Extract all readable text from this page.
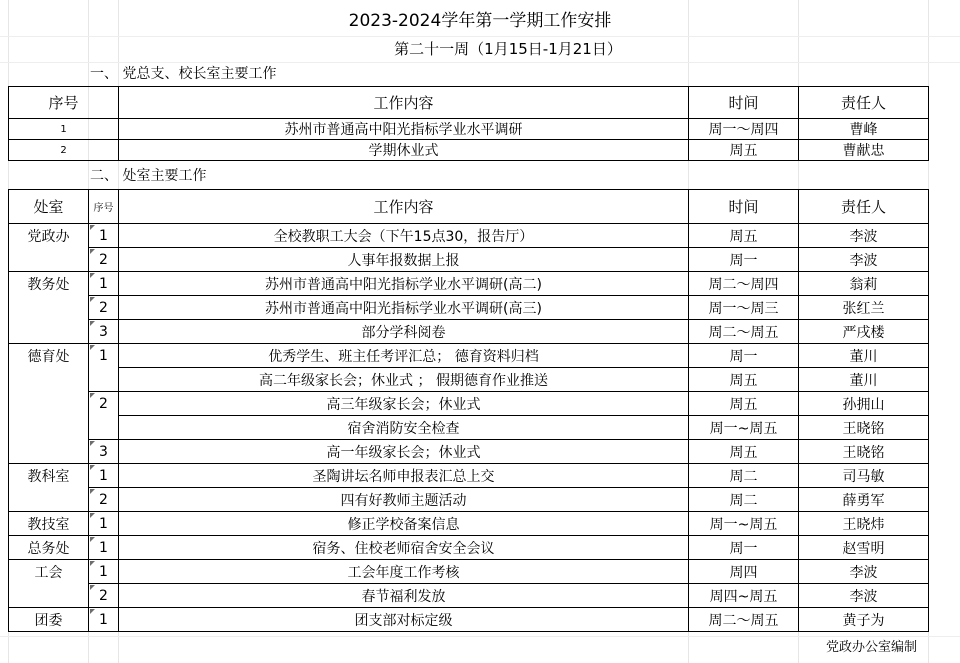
2023-2024学年第一学期工作安排
第二十一周（1月15日-1月21日）
一、 党总支、校长室主要工作
序号	工作内容	时间	责任人
1	苏州市普通高中阳光指标学业水平调研	周一～周四	曹峰
2	学期休业式	周五	曹献忠
二、 处室主要工作
处室	序号	工作内容	时间	责任人
党政办	1	全校教职工大会（下午15点30，报告厅）	周五	李波
	2	人事年报数据上报	周一	李波
教务处	1	苏州市普通高中阳光指标学业水平调研(高二)	周二～周四	翁莉
	2	苏州市普通高中阳光指标学业水平调研(高三)	周一～周三	张红兰
	3	部分学科阅卷	周二～周五	严戌楼
德育处	1	优秀学生、班主任考评汇总； 德育资料归档	周一	董川
		高二年级家长会；休业式 ； 假期德育作业推送	周五	董川
	2	高三年级家长会；休业式	周五	孙拥山
		宿舍消防安全检查	周一~周五	王晓铭
	3	高一年级家长会；休业式	周五	王晓铭
教科室	1	圣陶讲坛名师申报表汇总上交	周二	司马敏
	2	四有好教师主题活动	周二	薛勇军
教技室	1	修正学校备案信息	周一~周五	王晓炜
总务处	1	宿务、住校老师宿舍安全会议	周一	赵雪明
工会	1	工会年度工作考核	周四	李波
	2	春节福利发放	周四~周五	李波
团委	1	团支部对标定级	周二～周五	黄子为
党政办公室编制
